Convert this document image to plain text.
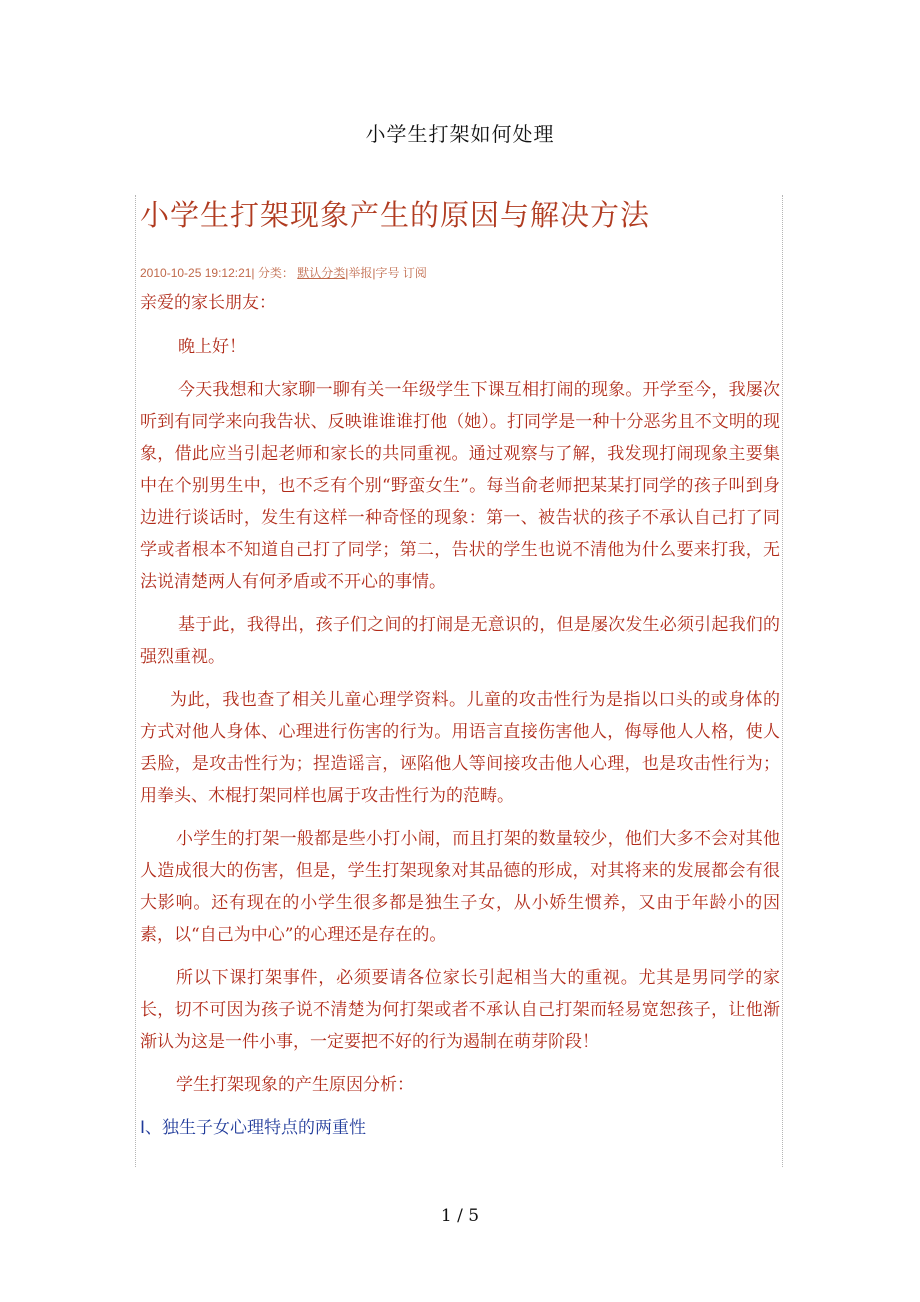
小学生打架如何处理
小学生打架现象产生的原因与解决方法
2010-10-25 19:12:21| 分类： 默认分类|举报|字号 订阅

亲爱的家长朋友：

晚上好！

今天我想和大家聊一聊有关一年级学生下课互相打闹的现象。开学至今，我屡次听到有同学来向我告状、反映谁谁谁打他（她）。打同学是一种十分恶劣且不文明的现象，借此应当引起老师和家长的共同重视。通过观察与了解，我发现打闹现象主要集中在个别男生中，也不乏有个别“野蛮女生”。每当俞老师把某某打同学的孩子叫到身边进行谈话时，发生有这样一种奇怪的现象：第一、被告状的孩子不承认自己打了同学或者根本不知道自己打了同学；第二，告状的学生也说不清他为什么要来打我，无法说清楚两人有何矛盾或不开心的事情。

基于此，我得出，孩子们之间的打闹是无意识的，但是屡次发生必须引起我们的强烈重视。

为此，我也查了相关儿童心理学资料。儿童的攻击性行为是指以口头的或身体的方式对他人身体、心理进行伤害的行为。用语言直接伤害他人，侮辱他人人格，使人丢脸，是攻击性行为；捏造谣言，诬陷他人等间接攻击他人心理，也是攻击性行为；用拳头、木棍打架同样也属于攻击性行为的范畴。

小学生的打架一般都是些小打小闹，而且打架的数量较少，他们大多不会对其他人造成很大的伤害，但是，学生打架现象对其品德的形成，对其将来的发展都会有很大影响。还有现在的小学生很多都是独生子女，从小娇生惯养，又由于年龄小的因素，以“自己为中心”的心理还是存在的。

所以下课打架事件，必须要请各位家长引起相当大的重视。尤其是男同学的家长，切不可因为孩子说不清楚为何打架或者不承认自己打架而轻易宽恕孩子，让他渐渐认为这是一件小事，一定要把不好的行为遏制在萌芽阶段！

学生打架现象的产生原因分析：

Ⅰ、独生子女心理特点的两重性

1 / 5
